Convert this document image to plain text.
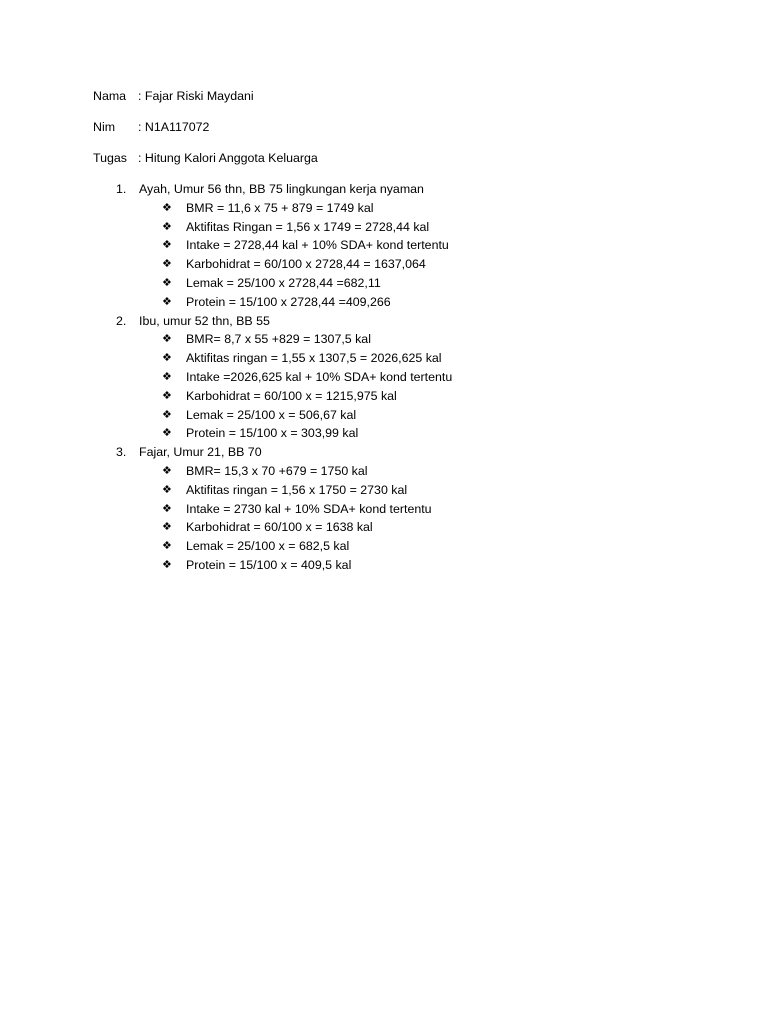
Nama : Fajar Riski Maydani
Nim : N1A117072
Tugas : Hitung Kalori Anggota Keluarga
1.	Ayah, Umur 56 thn, BB 75 lingkungan kerja nyaman
❖	BMR = 11,6 x 75 + 879 = 1749 kal
❖	Aktifitas Ringan = 1,56 x 1749 = 2728,44 kal
❖	Intake = 2728,44 kal + 10% SDA+ kond tertentu
❖	Karbohidrat = 60/100 x 2728,44 = 1637,064
❖	Lemak = 25/100 x 2728,44 =682,11
❖	Protein = 15/100 x 2728,44 =409,266
2.	Ibu, umur 52 thn, BB 55
❖	BMR= 8,7 x 55 +829 = 1307,5 kal
❖	Aktifitas ringan = 1,55 x 1307,5 = 2026,625 kal
❖	Intake =2026,625 kal + 10% SDA+ kond tertentu
❖	Karbohidrat = 60/100 x = 1215,975 kal
❖	Lemak = 25/100 x = 506,67 kal
❖	Protein = 15/100 x = 303,99 kal
3.	Fajar, Umur 21, BB 70
❖	BMR= 15,3 x 70 +679 = 1750 kal
❖	Aktifitas ringan = 1,56 x 1750 = 2730 kal
❖	Intake = 2730 kal + 10% SDA+ kond tertentu
❖	Karbohidrat = 60/100 x = 1638 kal
❖	Lemak = 25/100 x = 682,5 kal
❖	Protein = 15/100 x = 409,5 kal
